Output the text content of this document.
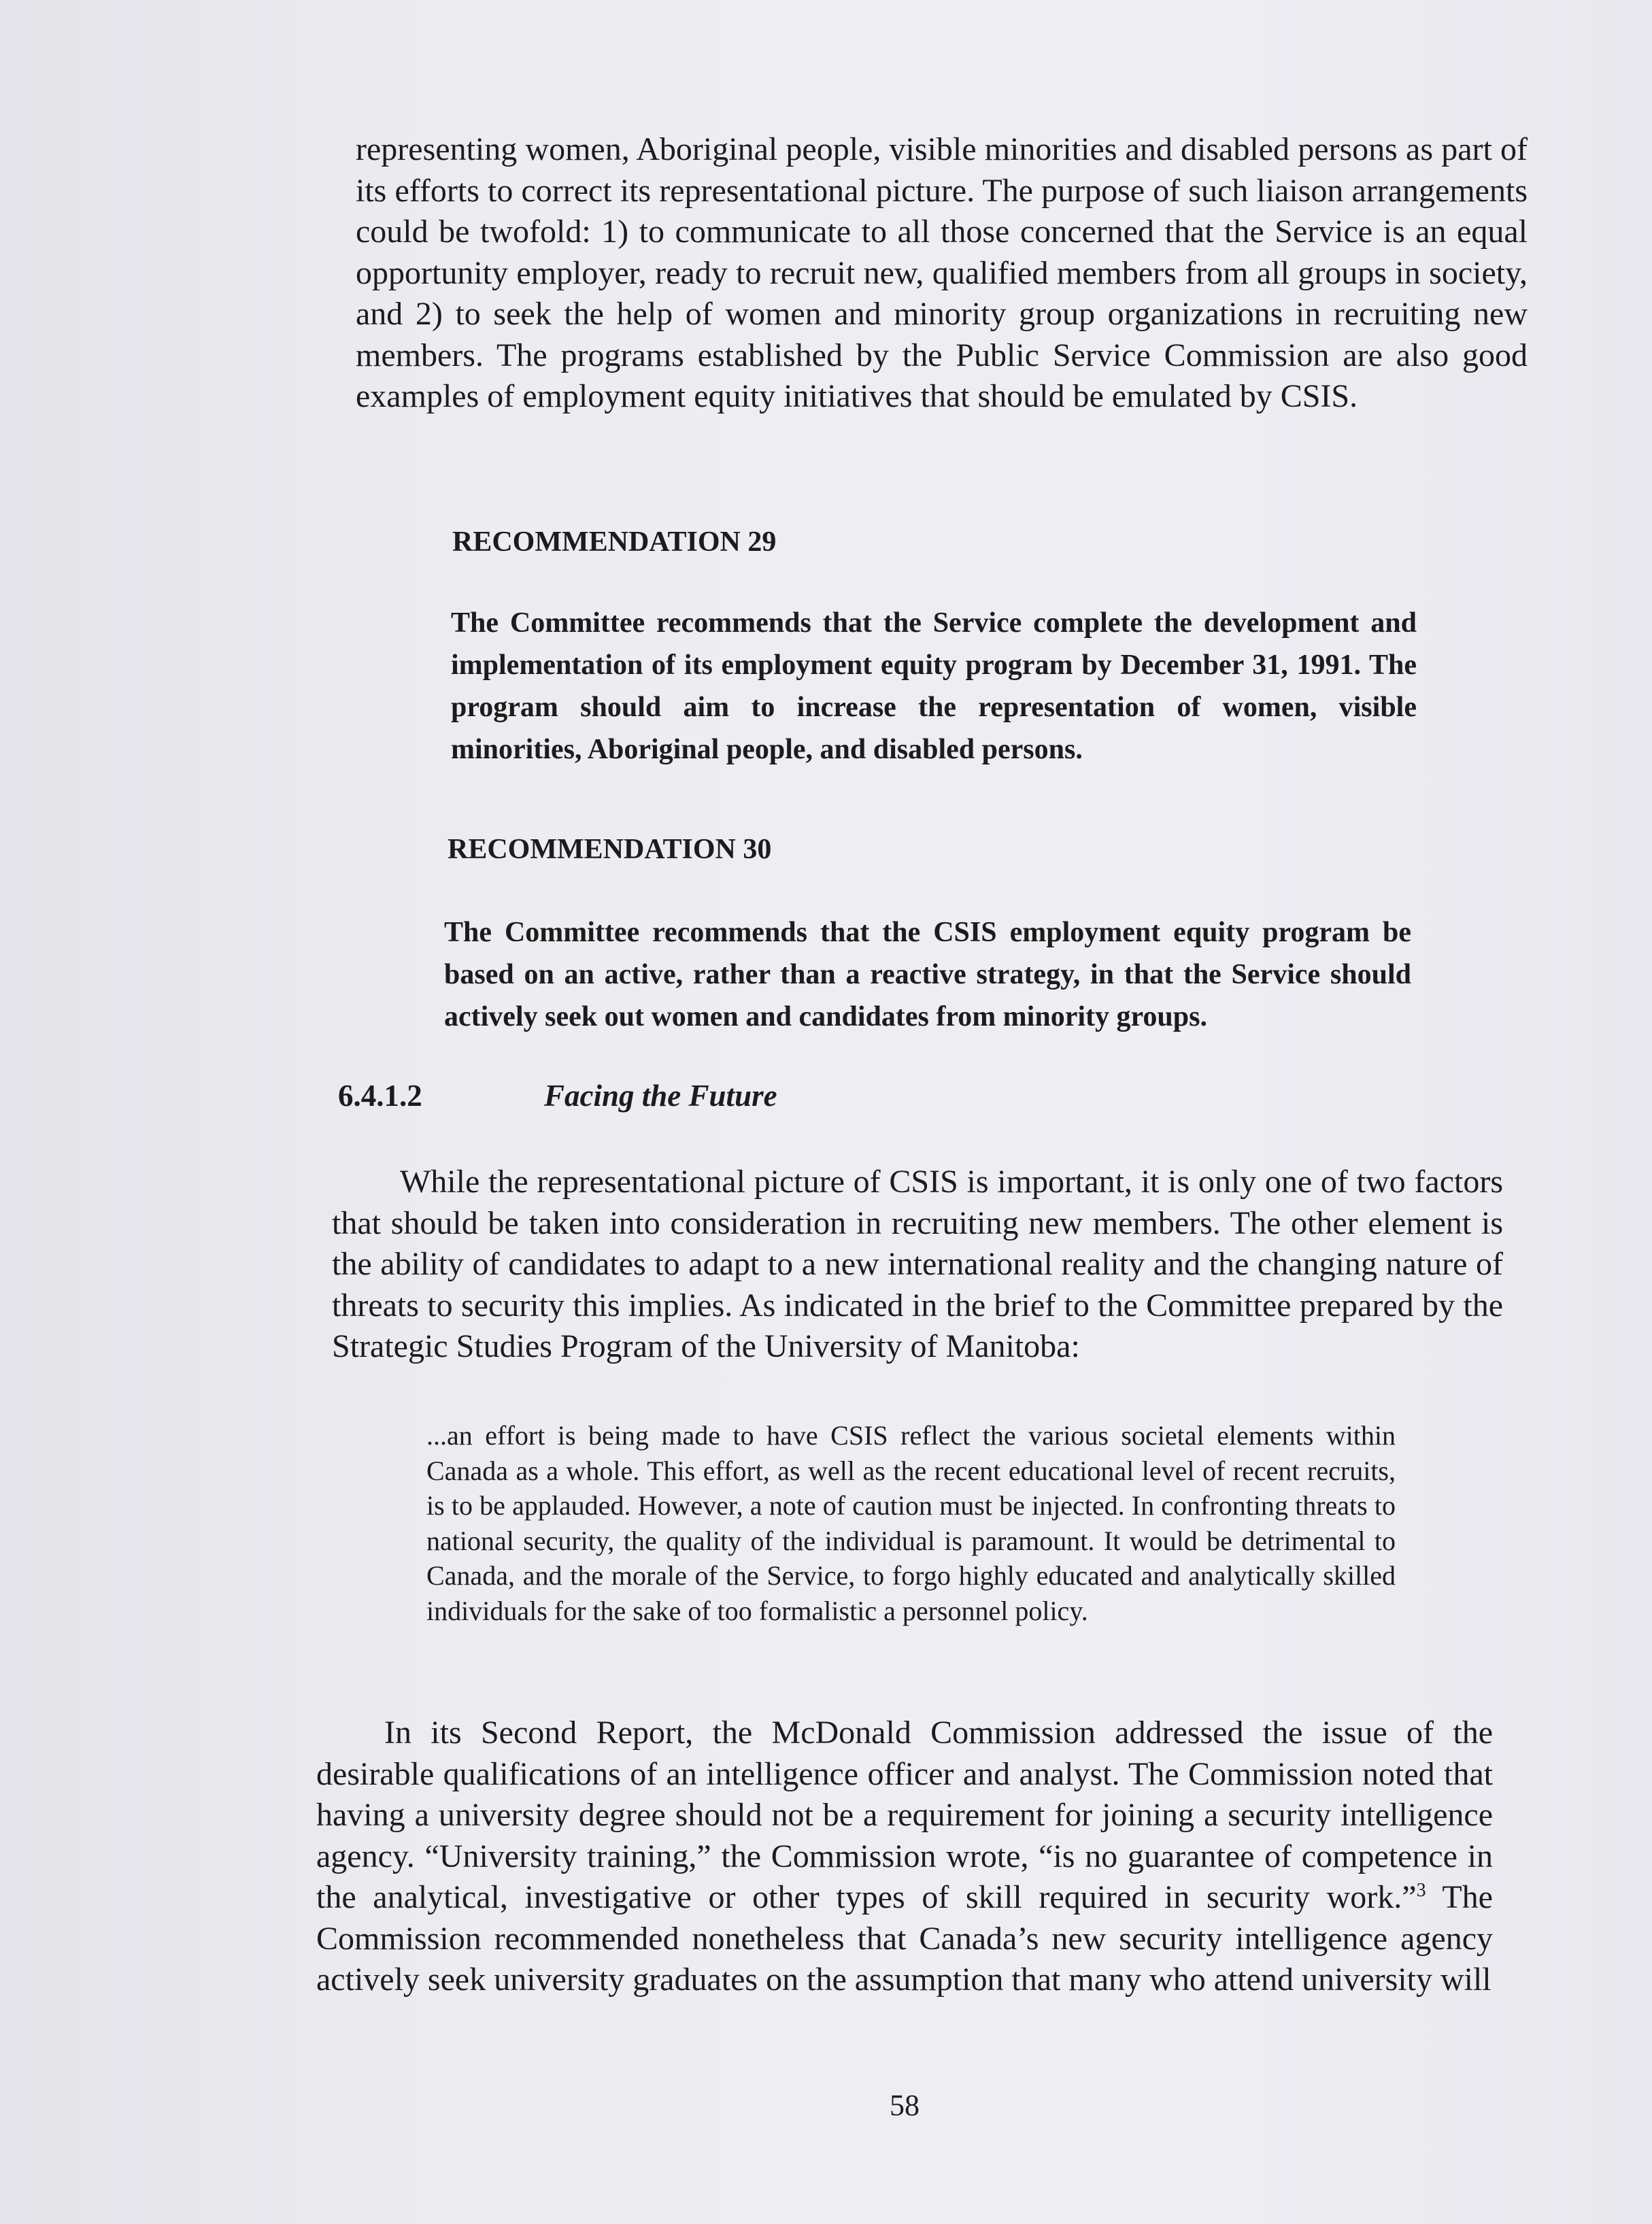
representing women, Aboriginal people, visible minorities and disabled persons as part of its efforts to correct its representational picture. The purpose of such liaison arrangements could be twofold: 1) to communicate to all those concerned that the Service is an equal opportunity employer, ready to recruit new, qualified members from all groups in society, and 2) to seek the help of women and minority group organizations in recruiting new members. The programs established by the Public Service Commission are also good examples of employment equity initiatives that should be emulated by CSIS.

RECOMMENDATION 29

The Committee recommends that the Service complete the development and implementation of its employment equity program by December 31, 1991. The program should aim to increase the representation of women, visible minorities, Aboriginal people, and disabled persons.

RECOMMENDATION 30

The Committee recommends that the CSIS employment equity program be based on an active, rather than a reactive strategy, in that the Service should actively seek out women and candidates from minority groups.

6.4.1.2	Facing the Future

While the representational picture of CSIS is important, it is only one of two factors that should be taken into consideration in recruiting new members. The other element is the ability of candidates to adapt to a new international reality and the changing nature of threats to security this implies. As indicated in the brief to the Committee prepared by the Strategic Studies Program of the University of Manitoba:

...an effort is being made to have CSIS reflect the various societal elements within Canada as a whole. This effort, as well as the recent educational level of recent recruits, is to be applauded. However, a note of caution must be injected. In confronting threats to national security, the quality of the individual is paramount. It would be detrimental to Canada, and the morale of the Service, to forgo highly educated and analytically skilled individuals for the sake of too formalistic a personnel policy.

In its Second Report, the McDonald Commission addressed the issue of the desirable qualifications of an intelligence officer and analyst. The Commission noted that having a university degree should not be a requirement for joining a security intelligence agency. “University training,” the Commission wrote, “is no guarantee of competence in the analytical, investigative or other types of skill required in security work.”$^3$ The Commission recommended nonetheless that Canada’s new security intelligence agency actively seek university graduates on the assumption that many who attend university will

58
